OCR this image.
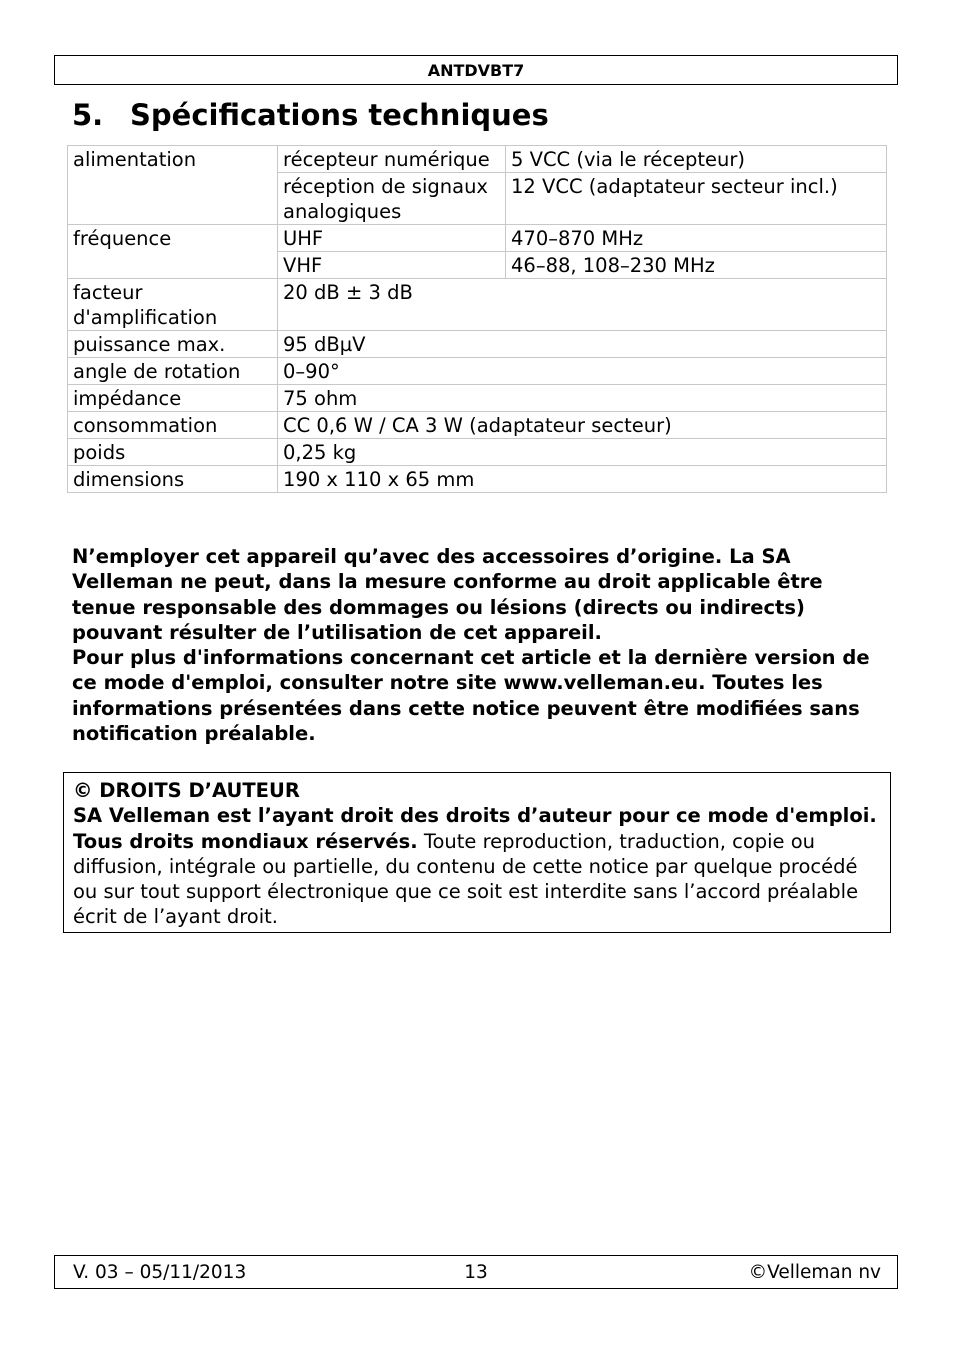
ANTDVBT7
5. Spécifications techniques
alimentation	récepteur numérique	5 VCC (via le récepteur)
	réception de signaux analogiques	12 VCC (adaptateur secteur incl.)
fréquence	UHF	470–870 MHz
	VHF	46–88, 108–230 MHz
facteur d'amplification	20 dB ± 3 dB	
puissance max.	95 dBµV	
angle de rotation	0–90°	
impédance	75 ohm	
consommation	CC 0,6 W / CA 3 W (adaptateur secteur)	
poids	0,25 kg	
dimensions	190 x 110 x 65 mm	

N’employer cet appareil qu’avec des accessoires d’origine. La SA Velleman ne peut, dans la mesure conforme au droit applicable être tenue responsable des dommages ou lésions (directs ou indirects) pouvant résulter de l’utilisation de cet appareil.

Pour plus d'informations concernant cet article et la dernière version de ce mode d'emploi, consulter notre site www.velleman.eu. Toutes les informations présentées dans cette notice peuvent être modifiées sans notification préalable.

© DROITS D’AUTEUR
SA Velleman est l’ayant droit des droits d’auteur pour ce mode d'emploi. Tous droits mondiaux réservés. Toute reproduction, traduction, copie ou diffusion, intégrale ou partielle, du contenu de cette notice par quelque procédé ou sur tout support électronique que ce soit est interdite sans l’accord préalable écrit de l’ayant droit.
V. 03 – 05/11/2013	13	©Velleman nv
